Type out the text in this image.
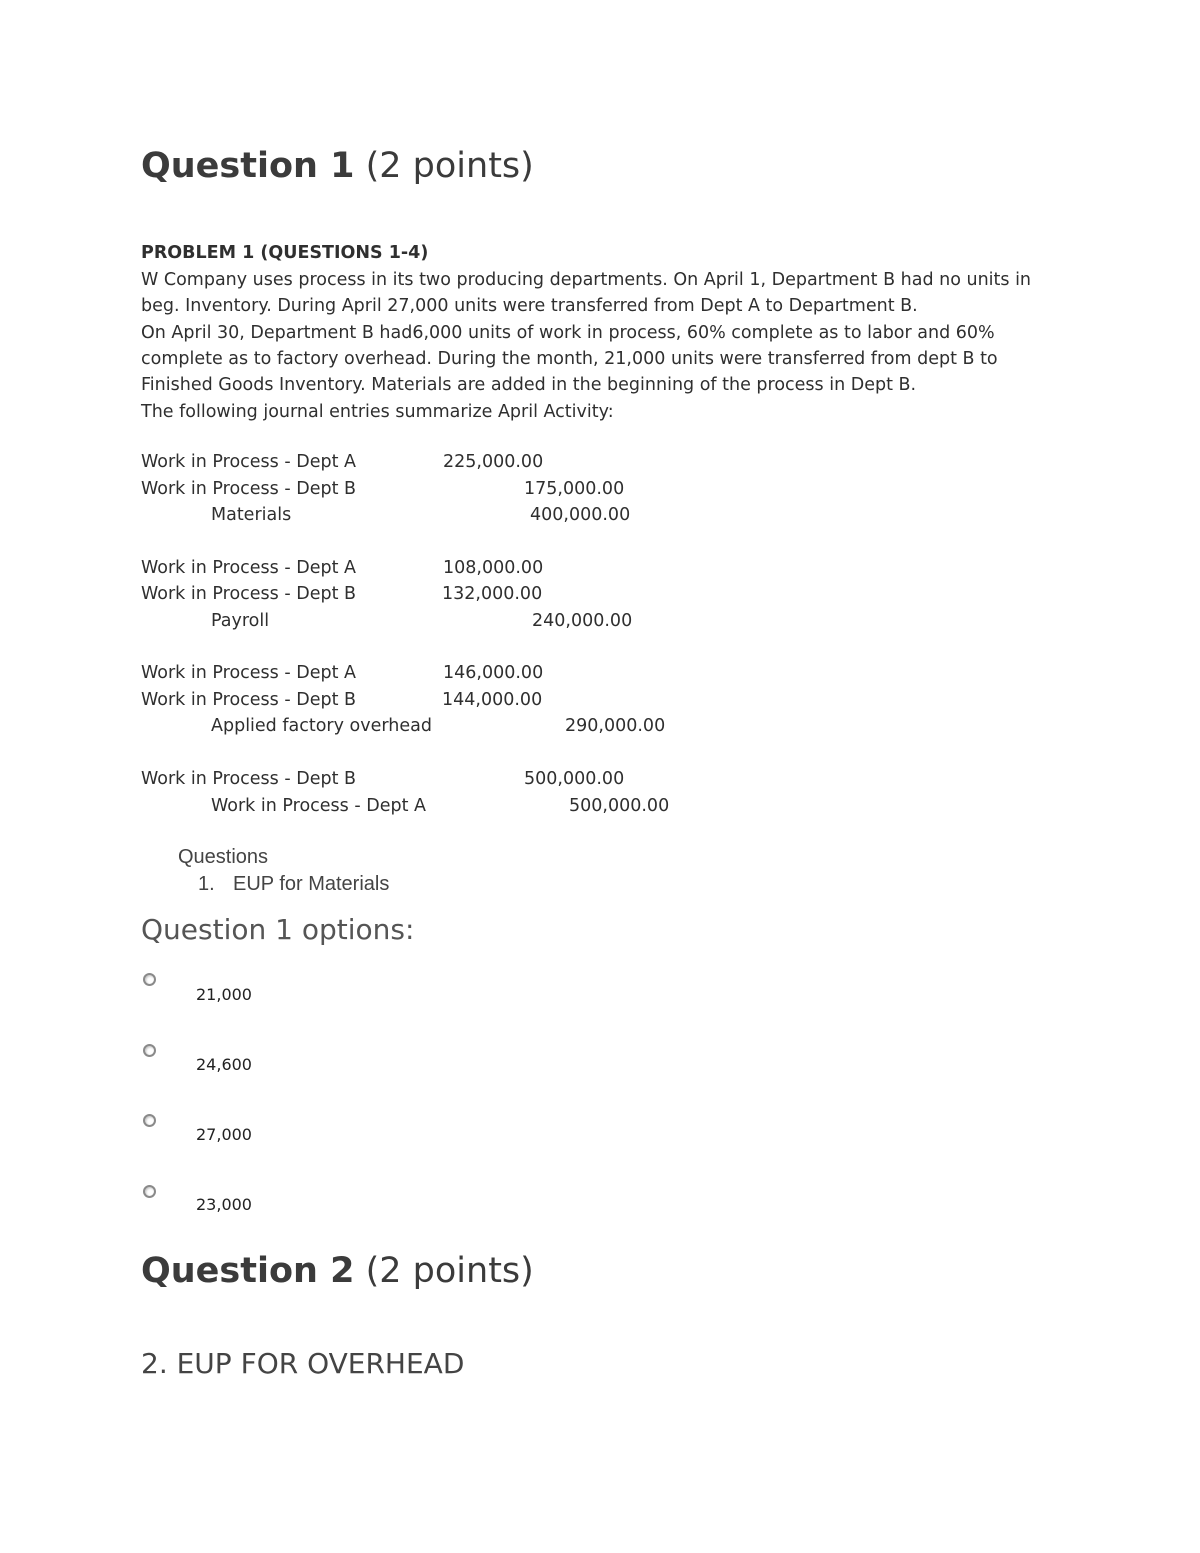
Question 1 (2 points)
PROBLEM 1 (QUESTIONS 1-4)
W Company uses process in its two producing departments. On April 1, Department B had no units in
beg. Inventory. During April 27,000 units were transferred from Dept A to Department B.
On April 30, Department B had6,000 units of work in process, 60% complete as to labor and 60%
complete as to factory overhead. During the month, 21,000 units were transferred from dept B to
Finished Goods Inventory. Materials are added in the beginning of the process in Dept B.
The following journal entries summarize April Activity:
Work in Process - Dept A	225,000.00
Work in Process - Dept B	175,000.00
Materials	400,000.00
Work in Process - Dept A	108,000.00
Work in Process - Dept B	132,000.00
Payroll	240,000.00
Work in Process - Dept A	146,000.00
Work in Process - Dept B	144,000.00
Applied factory overhead	290,000.00
Work in Process - Dept B	500,000.00
Work in Process - Dept A	500,000.00
Questions
1. EUP for Materials
Question 1 options:
21,000
24,600
27,000
23,000
Question 2 (2 points)
2. EUP FOR OVERHEAD
